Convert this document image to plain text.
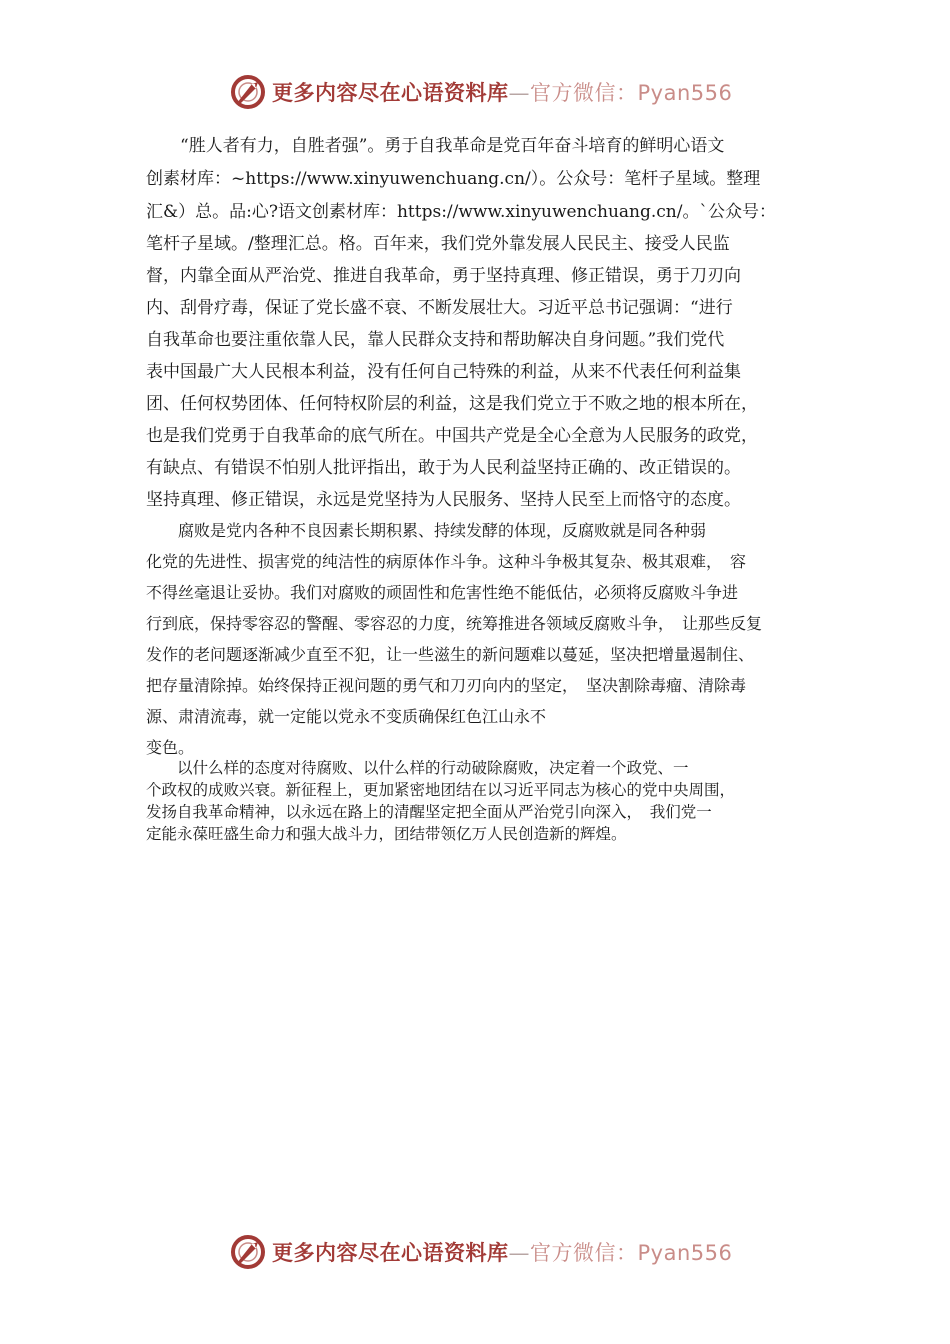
更多内容尽在心语资料库—官方微信：Pyan556
　　“胜人者有力，自胜者强”。勇于自我革命是党百年奋斗培育的鲜明心语文
创素材库：~https://www.xinyuwenchuang.cn/）。公众号：笔杆子星域。整理
汇&）总。品:心?语文创素材库：https://www.xinyuwenchuang.cn/。`公众号：
笔杆子星域。/整理汇总。格。百年来，我们党外靠发展人民民主、接受人民监
督，内靠全面从严治党、推进自我革命，勇于坚持真理、修正错误，勇于刀刃向
内、刮骨疗毒，保证了党长盛不衰、不断发展壮大。习近平总书记强调：“进行
自我革命也要注重依靠人民，靠人民群众支持和帮助解决自身问题。”我们党代
表中国最广大人民根本利益，没有任何自己特殊的利益，从来不代表任何利益集
团、任何权势团体、任何特权阶层的利益，这是我们党立于不败之地的根本所在，
也是我们党勇于自我革命的底气所在。中国共产党是全心全意为人民服务的政党，
有缺点、有错误不怕别人批评指出，敢于为人民利益坚持正确的、改正错误的。
坚持真理、修正错误，永远是党坚持为人民服务、坚持人民至上而恪守的态度。
　　腐败是党内各种不良因素长期积累、持续发酵的体现，反腐败就是同各种弱
化党的先进性、损害党的纯洁性的病原体作斗争。这种斗争极其复杂、极其艰难，　容
不得丝毫退让妥协。我们对腐败的顽固性和危害性绝不能低估，必须将反腐败斗争进
行到底，保持零容忍的警醒、零容忍的力度，统筹推进各领域反腐败斗争，　让那些反复
发作的老问题逐渐减少直至不犯，让一些滋生的新问题难以蔓延，坚决把增量遏制住、
把存量清除掉。始终保持正视问题的勇气和刀刃向内的坚定，　坚决割除毒瘤、清除毒
源、肃清流毒，就一定能以党永不变质确保红色江山永不
变色。
　　以什么样的态度对待腐败、以什么样的行动破除腐败，决定着一个政党、一
个政权的成败兴衰。新征程上，更加紧密地团结在以习近平同志为核心的党中央周围，
发扬自我革命精神，以永远在路上的清醒坚定把全面从严治党引向深入，　我们党一
定能永葆旺盛生命力和强大战斗力，团结带领亿万人民创造新的辉煌。
更多内容尽在心语资料库—官方微信：Pyan556
